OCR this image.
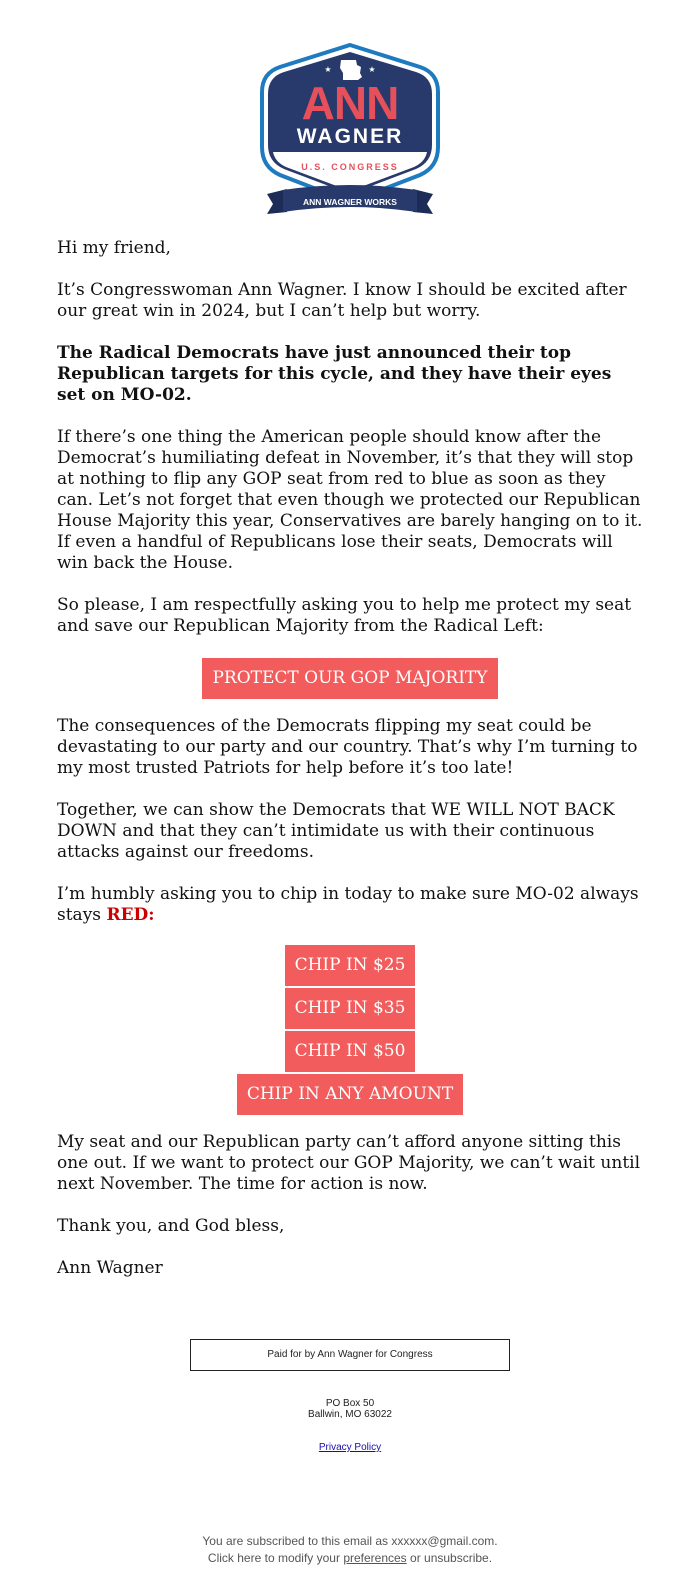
★	★
ANN
WAGNER
U.S. CONGRESS
ANN WAGNER WORKS

Hi my friend,

It’s Congresswoman Ann Wagner. I know I should be excited after our great win in 2024, but I can’t help but worry.

The Radical Democrats have just announced their top Republican targets for this cycle, and they have their eyes set on MO-02.

If there’s one thing the American people should know after the Democrat’s humiliating defeat in November, it’s that they will stop at nothing to flip any GOP seat from red to blue as soon as they can. Let’s not forget that even though we protected our Republican House Majority this year, Conservatives are barely hanging on to it. If even a handful of Republicans lose their seats, Democrats will win back the House.

So please, I am respectfully asking you to help me protect my seat and save our Republican Majority from the Radical Left:

PROTECT OUR GOP MAJORITY

The consequences of the Democrats flipping my seat could be devastating to our party and our country. That’s why I’m turning to my most trusted Patriots for help before it’s too late!

Together, we can show the Democrats that WE WILL NOT BACK DOWN and that they can’t intimidate us with their continuous attacks against our freedoms.

I’m humbly asking you to chip in today to make sure MO-02 always stays RED:

CHIP IN $25
CHIP IN $35
CHIP IN $50
CHIP IN ANY AMOUNT

My seat and our Republican party can’t afford anyone sitting this one out. If we want to protect our GOP Majority, we can’t wait until next November. The time for action is now.

Thank you, and God bless,

Ann Wagner

Paid for by Ann Wagner for Congress
PO Box 50
Ballwin, MO 63022
Privacy Policy
You are subscribed to this email as xxxxxx@gmail.com.
Click here to modify your preferences or unsubscribe.
